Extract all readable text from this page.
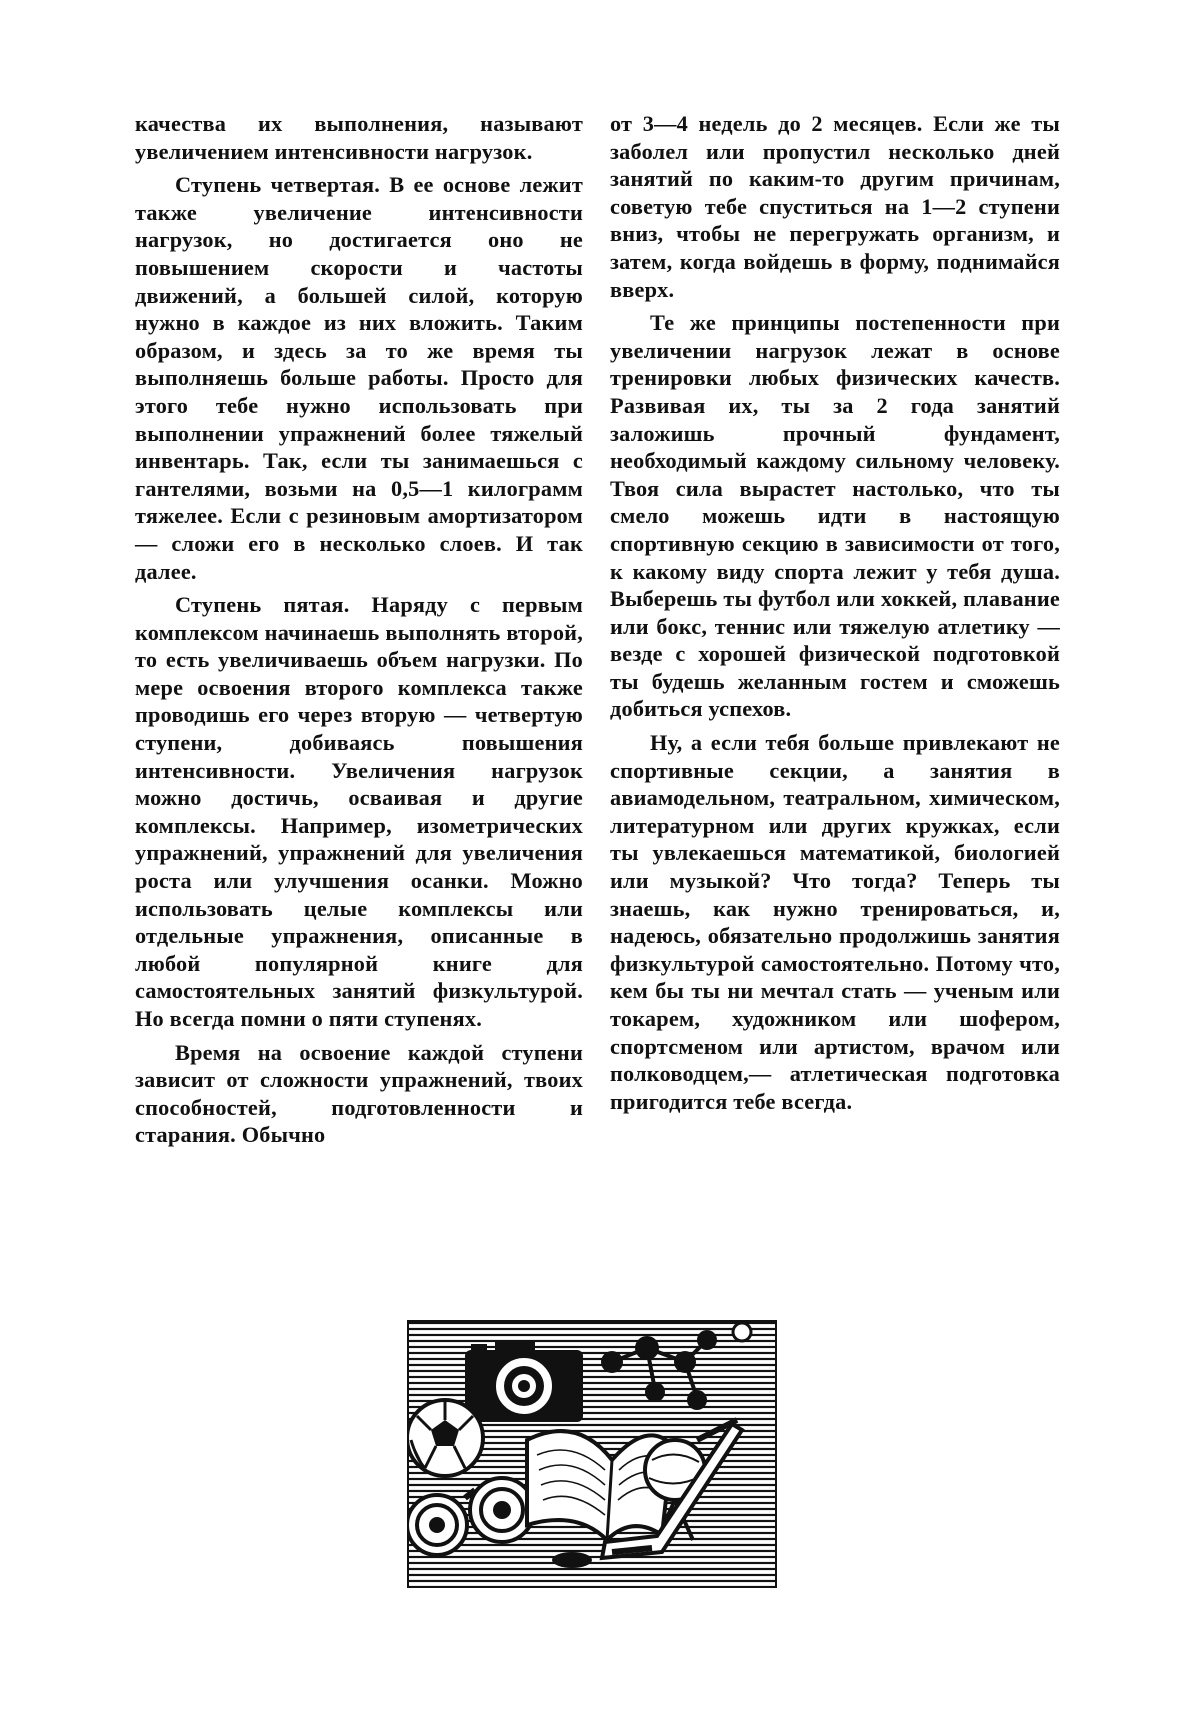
качества их выполнения, называют увеличением интенсивности нагрузок.

Ступень четвертая. В ее основе лежит также увеличение интенсивности нагрузок, но достигается оно не повышением скорости и частоты движений, а большей силой, которую нужно в каждое из них вложить. Таким образом, и здесь за то же время ты выполняешь больше работы. Просто для этого тебе нужно использовать при выполнении упражнений более тяжелый инвентарь. Так, если ты занимаешься с гантелями, возьми на 0,5—1 килограмм тяжелее. Если с резиновым амортизатором — сложи его в несколько слоев. И так далее.

Ступень пятая. Наряду с первым комплексом начинаешь выполнять второй, то есть увеличиваешь объем нагрузки. По мере освоения второго комплекса также проводишь его через вторую — четвертую ступени, добиваясь повышения интенсивности. Увеличения нагрузок можно достичь, осваивая и другие комплексы. Например, изометрических упражнений, упражнений для увеличения роста или улучшения осанки. Можно использовать целые комплексы или отдельные упражнения, описанные в любой популярной книге для самостоятельных занятий физкультурой. Но всегда помни о пяти ступенях.

Время на освоение каждой ступени зависит от сложности упражнений, твоих способностей, подготовленности и старания. Обычно

от 3—4 недель до 2 месяцев. Если же ты заболел или пропустил несколько дней занятий по каким-то другим причинам, советую тебе спуститься на 1—2 ступени вниз, чтобы не перегружать организм, и затем, когда войдешь в форму, поднимайся вверх.

Те же принципы постепенности при увеличении нагрузок лежат в основе тренировки любых физических качеств. Развивая их, ты за 2 года занятий заложишь прочный фундамент, необходимый каждому сильному человеку. Твоя сила вырастет настолько, что ты смело можешь идти в настоящую спортивную секцию в зависимости от того, к какому виду спорта лежит у тебя душа. Выберешь ты футбол или хоккей, плавание или бокс, теннис или тяжелую атлетику — везде с хорошей физической подготовкой ты будешь желанным гостем и сможешь добиться успехов.

Ну, а если тебя больше привлекают не спортивные секции, а занятия в авиамодельном, театральном, химическом, литературном или других кружках, если ты увлекаешься математикой, биологией или музыкой? Что тогда? Теперь ты знаешь, как нужно тренироваться, и, надеюсь, обязательно продолжишь занятия физкультурой самостоятельно. Потому что, кем бы ты ни мечтал стать — ученым или токарем, художником или шофером, спортсменом или артистом, врачом или полководцем,— атлетическая подготовка пригодится тебе всегда.
